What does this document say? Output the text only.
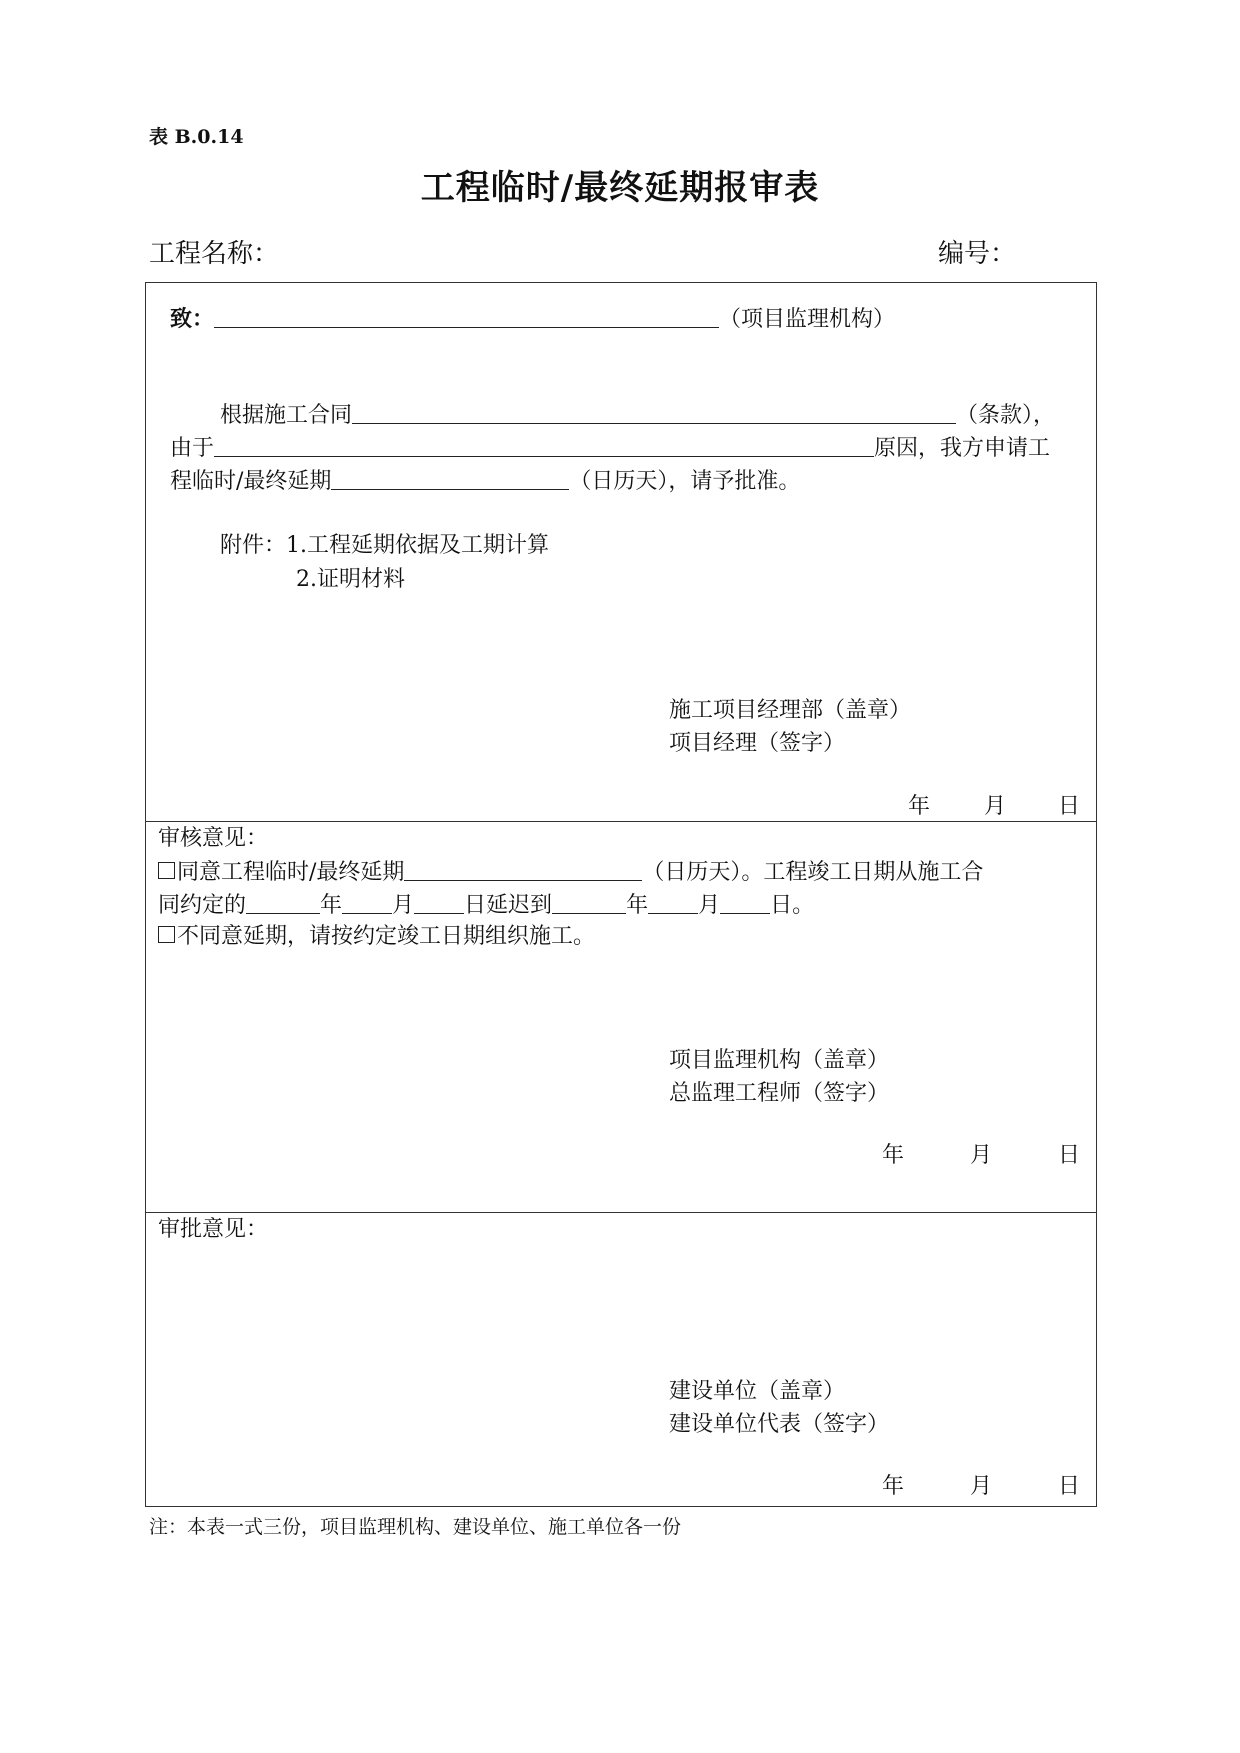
表 B.0.14
工程临时/最终延期报审表
工程名称：	编号：
致：	（项目监理机构）
根据施工合同	（条款），
由于	原因，我方申请工
程临时/最终延期	（日历天），请予批准。
附件：1.工程延期依据及工期计算
2.证明材料
施工项目经理部（盖章）
项目经理（签字）
年 月 日
审核意见：
同意工程临时/最终延期	（日历天）。工程竣工日期从施工合
同约定的	年 月 日延迟到	年 月 日。
不同意延期，请按约定竣工日期组织施工。
项目监理机构（盖章）
总监理工程师（签字）
年	月	日
审批意见：
建设单位（盖章）
建设单位代表（签字）
年	月	日
注：本表一式三份，项目监理机构、建设单位、施工单位各一份
